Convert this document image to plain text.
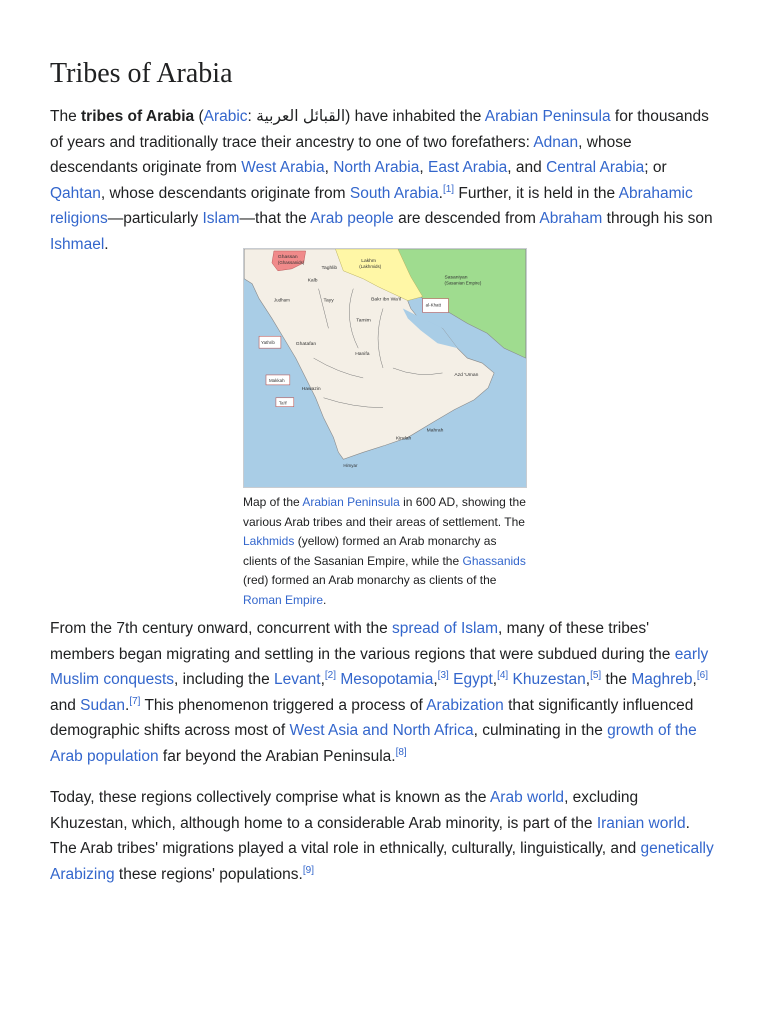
Tribes of Arabia
The tribes of Arabia (Arabic: القبائل العربية) have inhabited the Arabian Peninsula for thousands of years and traditionally trace their ancestry to one of two forefathers: Adnan, whose descendants originate from West Arabia, North Arabia, East Arabia, and Central Arabia; or Qahtan, whose descendants originate from South Arabia.[1] Further, it is held in the Abrahamic religions—particularly Islam—that the Arab people are descended from Abraham through his son Ishmael.
Ghassan
(Ghassanids)	Lakhm
(Lakhmids)
Sasaniyan
(Sasanian Empire)
Taghlib
Kalb
Judham	Tayy	Bakr ibn Wa'il
al-Khatt
Tamim
Ghatafan
Yathrib
Hanifa
Makkah
Hawazin
Ta'if
Azd 'Uman
Mahrah
Kindah
Himyar
Map of the Arabian Peninsula in 600 AD, showing the various Arab tribes and their areas of settlement. The Lakhmids (yellow) formed an Arab monarchy as clients of the Sasanian Empire, while the Ghassanids (red) formed an Arab monarchy as clients of the Roman Empire.
From the 7th century onward, concurrent with the spread of Islam, many of these tribes' members began migrating and settling in the various regions that were subdued during the early Muslim conquests, including the Levant,[2] Mesopotamia,[3] Egypt,[4] Khuzestan,[5] the Maghreb,[6] and Sudan.[7] This phenomenon triggered a process of Arabization that significantly influenced demographic shifts across most of West Asia and North Africa, culminating in the growth of the Arab population far beyond the Arabian Peninsula.[8]
Today, these regions collectively comprise what is known as the Arab world, excluding Khuzestan, which, although home to a considerable Arab minority, is part of the Iranian world. The Arab tribes' migrations played a vital role in ethnically, culturally, linguistically, and genetically Arabizing these regions' populations.[9]
